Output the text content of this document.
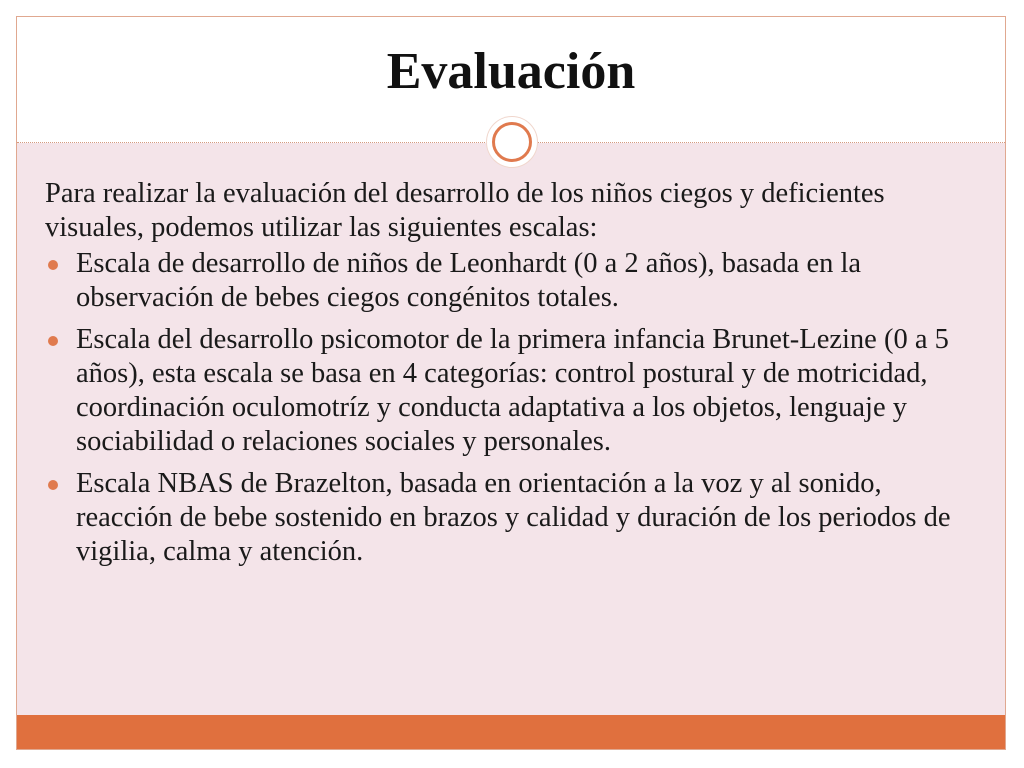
Evaluación

Para realizar la evaluación del desarrollo de los niños ciegos y deficientes visuales, podemos utilizar las siguientes escalas:

Escala de desarrollo de niños de Leonhardt (0 a 2 años), basada en la observación de bebes ciegos congénitos totales.
Escala del desarrollo psicomotor de la primera infancia Brunet-Lezine (0 a 5 años), esta escala se basa en 4 categorías: control postural y de motricidad, coordinación oculomotríz y conducta adaptativa a los objetos, lenguaje y sociabilidad o relaciones sociales y personales.
Escala NBAS de Brazelton, basada en orientación a la voz y al sonido, reacción de bebe sostenido en brazos y calidad y duración de los periodos de vigilia, calma y atención.
